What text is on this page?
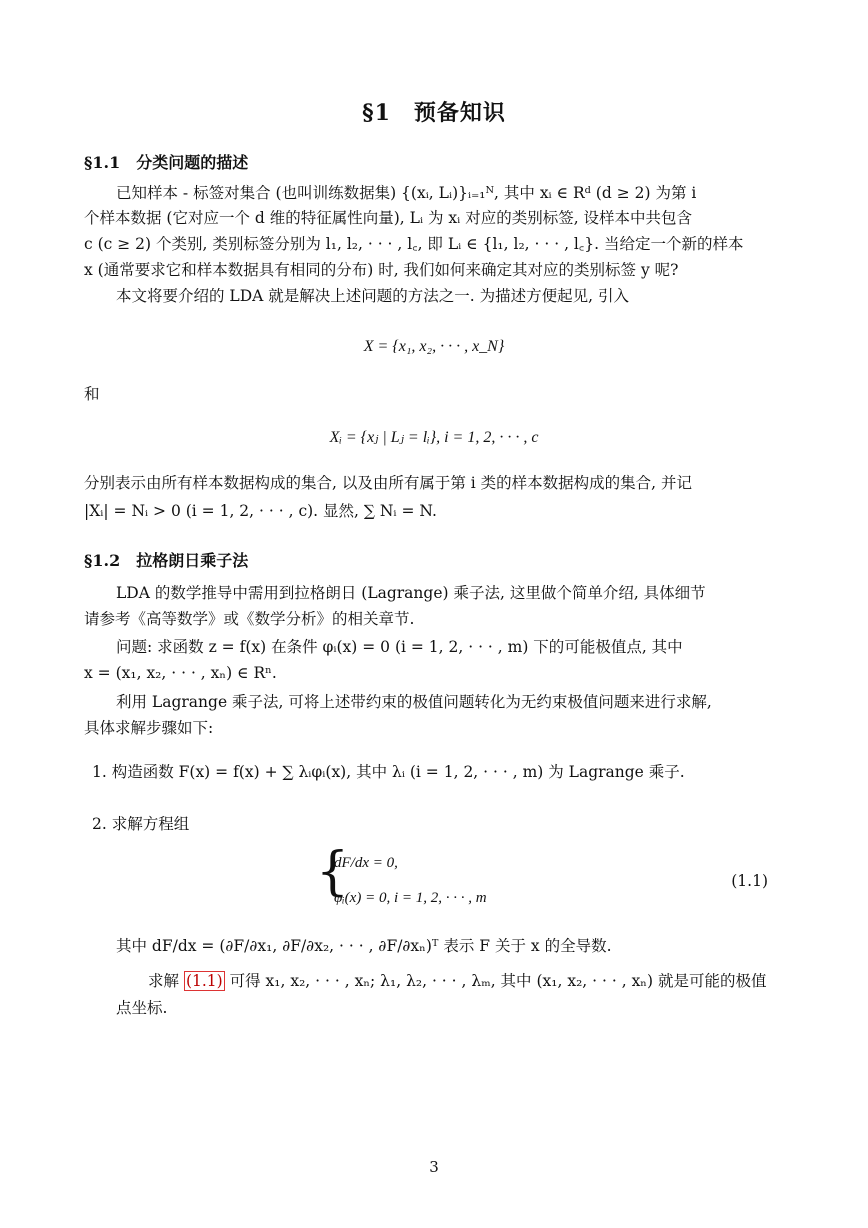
§1　预备知识
§1.1　分类问题的描述
已知样本 - 标签对集合 (也叫训练数据集) {(xᵢ, Lᵢ)}ᵢ₌₁ᴺ, 其中 xᵢ ∈ Rᵈ (d ≥ 2) 为第 i
个样本数据 (它对应一个 d 维的特征属性向量), Lᵢ 为 xᵢ 对应的类别标签, 设样本中共包含
c (c ≥ 2) 个类别, 类别标签分别为 l₁, l₂, · · · , l꜀, 即 Lᵢ ∈ {l₁, l₂, · · · , l꜀}. 当给定一个新的样本
x (通常要求它和样本数据具有相同的分布) 时, 我们如何来确定其对应的类别标签 y 呢?
本文将要介绍的 LDA 就是解决上述问题的方法之一. 为描述方便起见, 引入
X = {x₁, x₂, · · · , x_N}
和
Xᵢ = {xⱼ | Lⱼ = lᵢ}, i = 1, 2, · · · , c
分别表示由所有样本数据构成的集合, 以及由所有属于第 i 类的样本数据构成的集合, 并记
|Xᵢ| = Nᵢ > 0 (i = 1, 2, · · · , c). 显然, ∑ Nᵢ = N.
§1.2　拉格朗日乘子法
LDA 的数学推导中需用到拉格朗日 (Lagrange) 乘子法, 这里做个简单介绍, 具体细节
请参考《高等数学》或《数学分析》的相关章节.
问题: 求函数 z = f(x) 在条件 φᵢ(x) = 0 (i = 1, 2, · · · , m) 下的可能极值点, 其中
x = (x₁, x₂, · · · , xₙ) ∈ Rⁿ.
利用 Lagrange 乘子法, 可将上述带约束的极值问题转化为无约束极值问题来进行求解,
具体求解步骤如下:
1. 构造函数 F(x) = f(x) + ∑ λᵢφᵢ(x), 其中 λᵢ (i = 1, 2, · · · , m) 为 Lagrange 乘子.
2. 求解方程组
{
dF/dx = 0,
φᵢ(x) = 0, i = 1, 2, · · · , m
(1.1)
其中 dF/dx = (∂F/∂x₁, ∂F/∂x₂, · · · , ∂F/∂xₙ)ᵀ 表示 F 关于 x 的全导数.
求解 (1.1) 可得 x₁, x₂, · · · , xₙ; λ₁, λ₂, · · · , λₘ, 其中 (x₁, x₂, · · · , xₙ) 就是可能的极值
点坐标.
3
